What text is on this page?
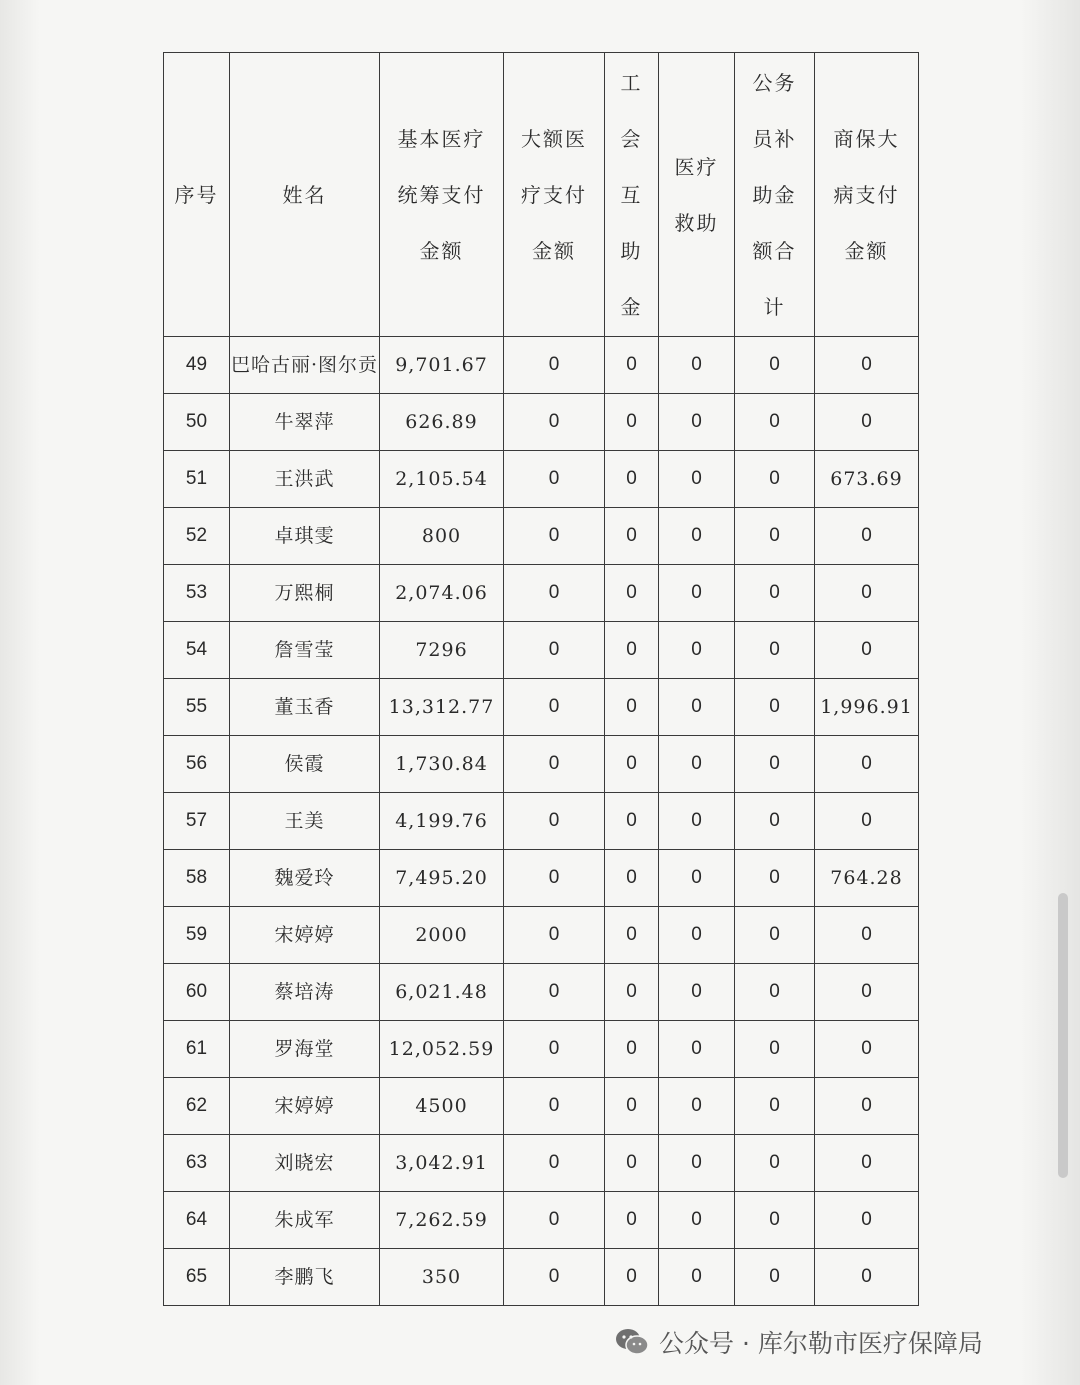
序号	姓名	基本医疗
统筹支付
金额	大额医
疗支付
金额	工
会
互
助
金	医疗
救助	公务
员补
助金
额合
计	商保大
病支付
金额

49	巴哈古丽·图尔贡	9,701.67	0	0	0	0	0
50	牛翠萍	626.89	0	0	0	0	0
51	王洪武	2,105.54	0	0	0	0	673.69
52	卓琪雯	800	0	0	0	0	0
53	万熙桐	2,074.06	0	0	0	0	0
54	詹雪莹	7296	0	0	0	0	0
55	董玉香	13,312.77	0	0	0	0	1,996.91
56	侯霞	1,730.84	0	0	0	0	0
57	王美	4,199.76	0	0	0	0	0
58	魏爱玲	7,495.20	0	0	0	0	764.28
59	宋婷婷	2000	0	0	0	0	0
60	蔡培涛	6,021.48	0	0	0	0	0
61	罗海堂	12,052.59	0	0	0	0	0
62	宋婷婷	4500	0	0	0	0	0
63	刘晓宏	3,042.91	0	0	0	0	0
64	朱成军	7,262.59	0	0	0	0	0
65	李鹏飞	350	0	0	0	0	0
公众号 · 库尔勒市医疗保障局
